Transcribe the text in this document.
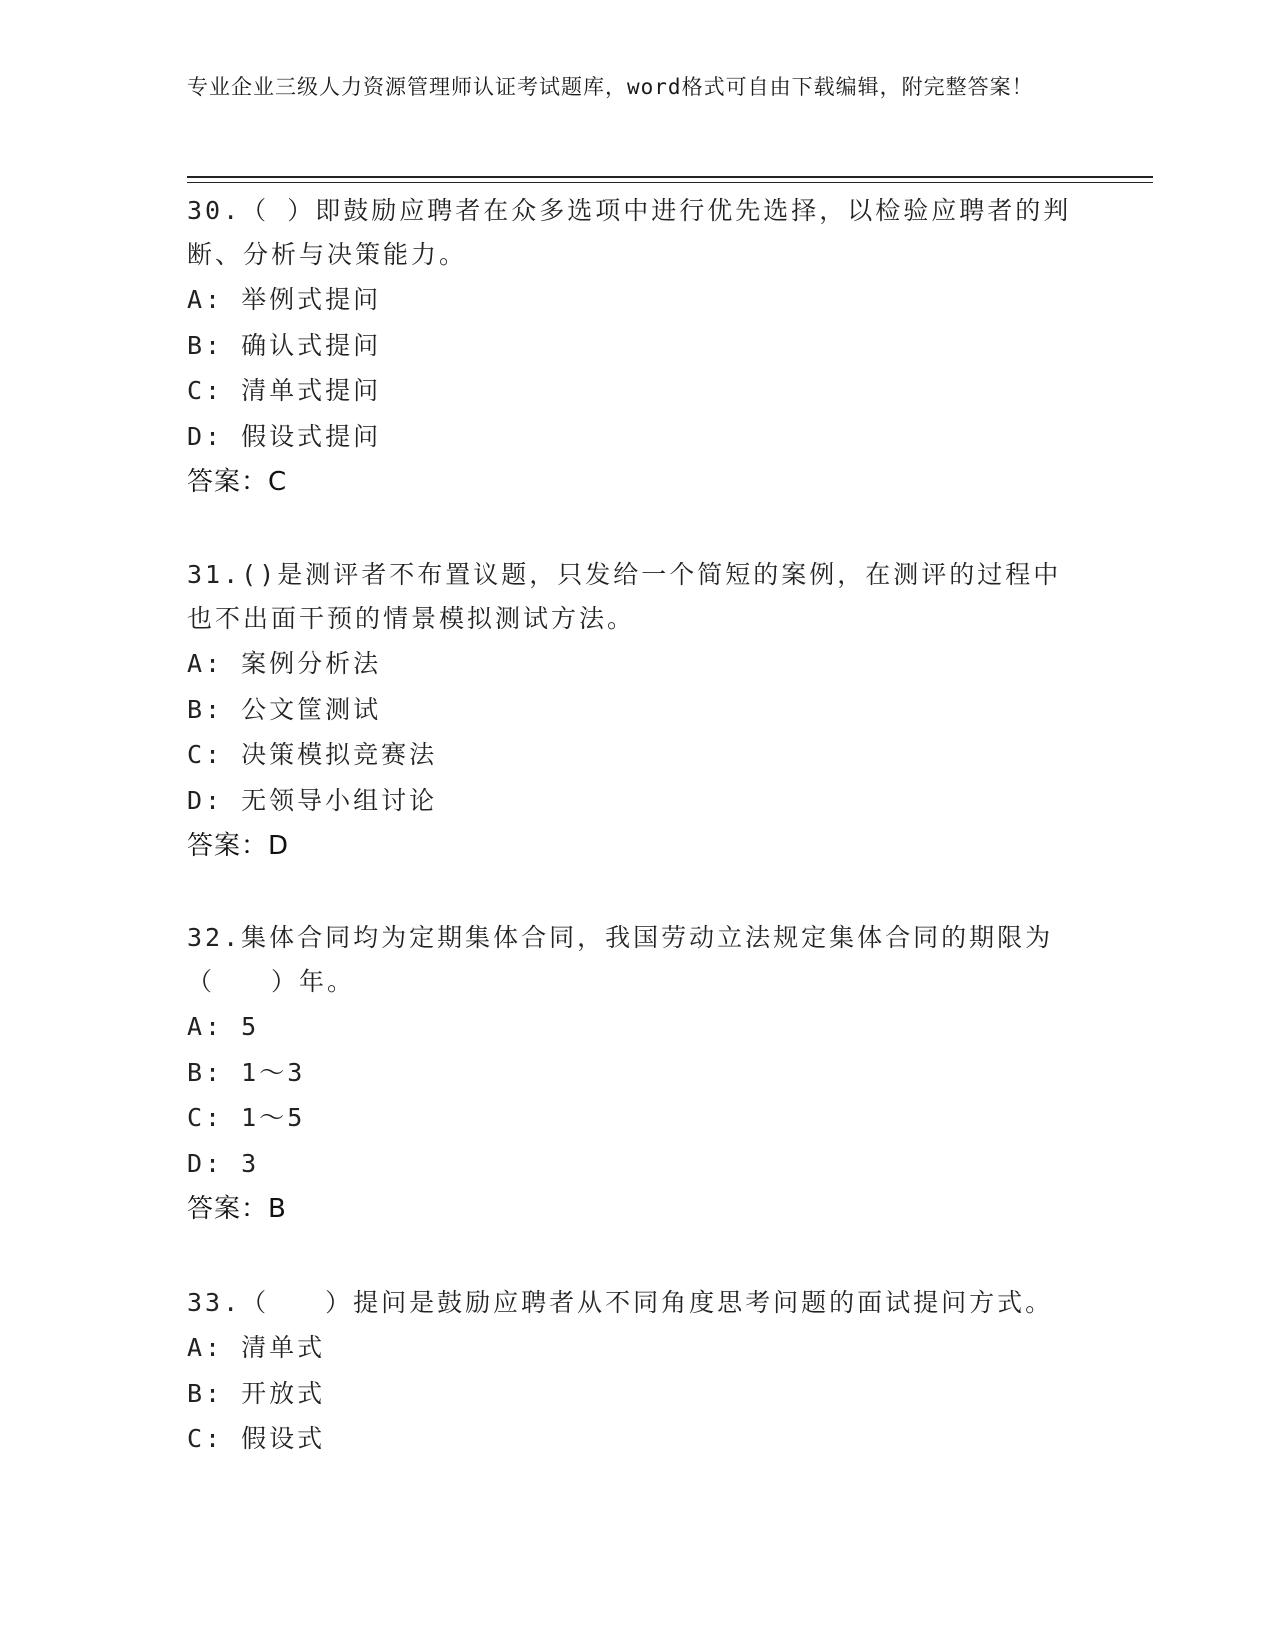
专业企业三级人力资源管理师认证考试题库，word格式可自由下载编辑，附完整答案！

30.（ ）即鼓励应聘者在众多选项中进行优先选择，以检验应聘者的判断、分析与决策能力。

A: 举例式提问

B: 确认式提问

C: 清单式提问

D: 假设式提问

答案：C

31.()是测评者不布置议题，只发给一个简短的案例，在测评的过程中也不出面干预的情景模拟测试方法。

A: 案例分析法

B: 公文筐测试

C: 决策模拟竞赛法

D: 无领导小组讨论

答案：D

32.集体合同均为定期集体合同，我国劳动立法规定集体合同的期限为（　　）年。

A: 5

B: 1～3

C: 1～5

D: 3

答案：B

33.（　　）提问是鼓励应聘者从不同角度思考问题的面试提问方式。

A: 清单式

B: 开放式

C: 假设式
